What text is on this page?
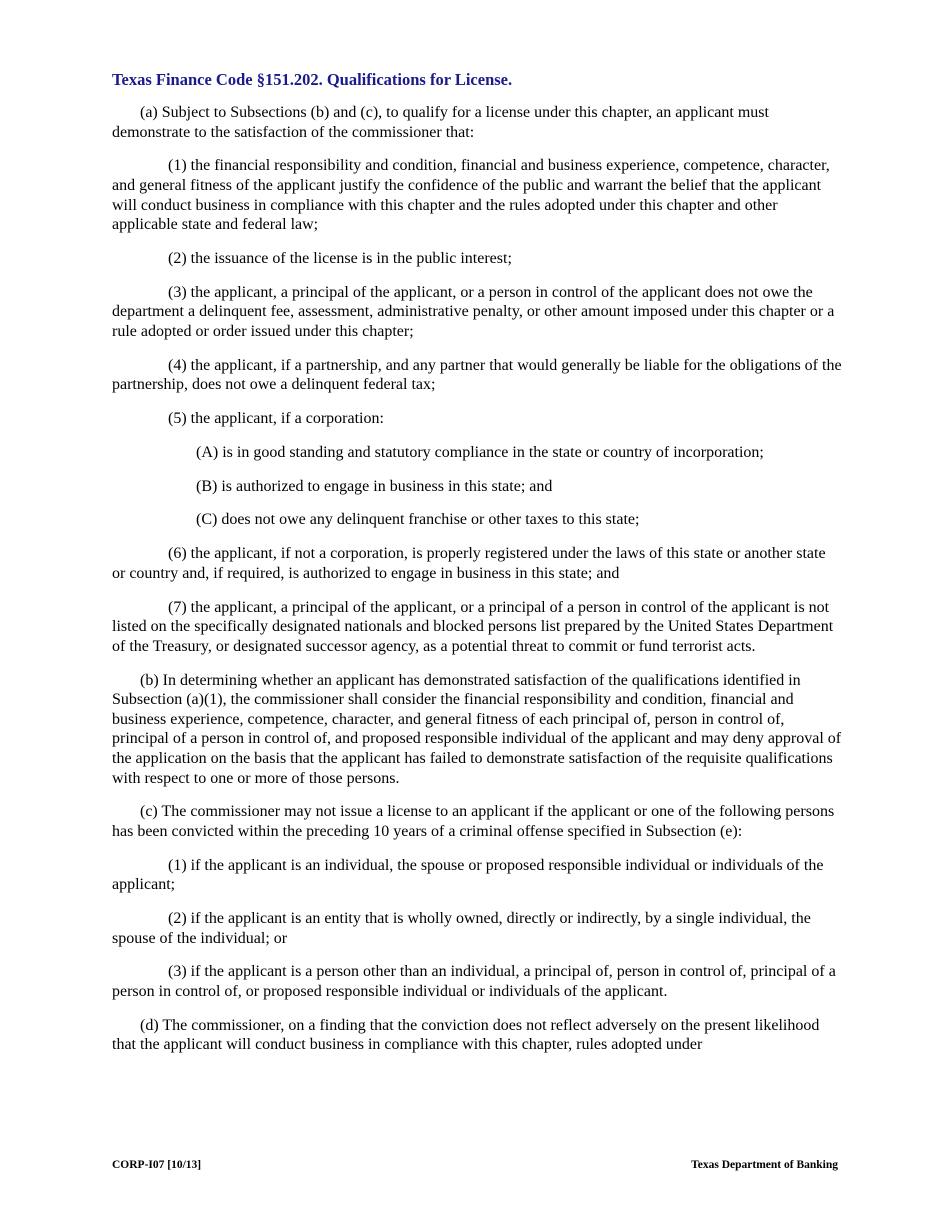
Texas Finance Code §151.202. Qualifications for License.

(a) Subject to Subsections (b) and (c), to qualify for a license under this chapter, an applicant must demonstrate to the satisfaction of the commissioner that:

(1) the financial responsibility and condition, financial and business experience, competence, character, and general fitness of the applicant justify the confidence of the public and warrant the belief that the applicant will conduct business in compliance with this chapter and the rules adopted under this chapter and other applicable state and federal law;

(2) the issuance of the license is in the public interest;

(3) the applicant, a principal of the applicant, or a person in control of the applicant does not owe the department a delinquent fee, assessment, administrative penalty, or other amount imposed under this chapter or a rule adopted or order issued under this chapter;

(4) the applicant, if a partnership, and any partner that would generally be liable for the obligations of the partnership, does not owe a delinquent federal tax;

(5) the applicant, if a corporation:

(A) is in good standing and statutory compliance in the state or country of incorporation;

(B) is authorized to engage in business in this state; and

(C) does not owe any delinquent franchise or other taxes to this state;

(6) the applicant, if not a corporation, is properly registered under the laws of this state or another state or country and, if required, is authorized to engage in business in this state; and

(7) the applicant, a principal of the applicant, or a principal of a person in control of the applicant is not listed on the specifically designated nationals and blocked persons list prepared by the United States Department of the Treasury, or designated successor agency, as a potential threat to commit or fund terrorist acts.

(b) In determining whether an applicant has demonstrated satisfaction of the qualifications identified in Subsection (a)(1), the commissioner shall consider the financial responsibility and condition, financial and business experience, competence, character, and general fitness of each principal of, person in control of, principal of a person in control of, and proposed responsible individual of the applicant and may deny approval of the application on the basis that the applicant has failed to demonstrate satisfaction of the requisite qualifications with respect to one or more of those persons.

(c) The commissioner may not issue a license to an applicant if the applicant or one of the following persons has been convicted within the preceding 10 years of a criminal offense specified in Subsection (e):

(1) if the applicant is an individual, the spouse or proposed responsible individual or individuals of the applicant;

(2) if the applicant is an entity that is wholly owned, directly or indirectly, by a single individual, the spouse of the individual; or

(3) if the applicant is a person other than an individual, a principal of, person in control of, principal of a person in control of, or proposed responsible individual or individuals of the applicant.

(d) The commissioner, on a finding that the conviction does not reflect adversely on the present likelihood that the applicant will conduct business in compliance with this chapter, rules adopted under

CORP-I07 [10/13]	Texas Department of Banking
